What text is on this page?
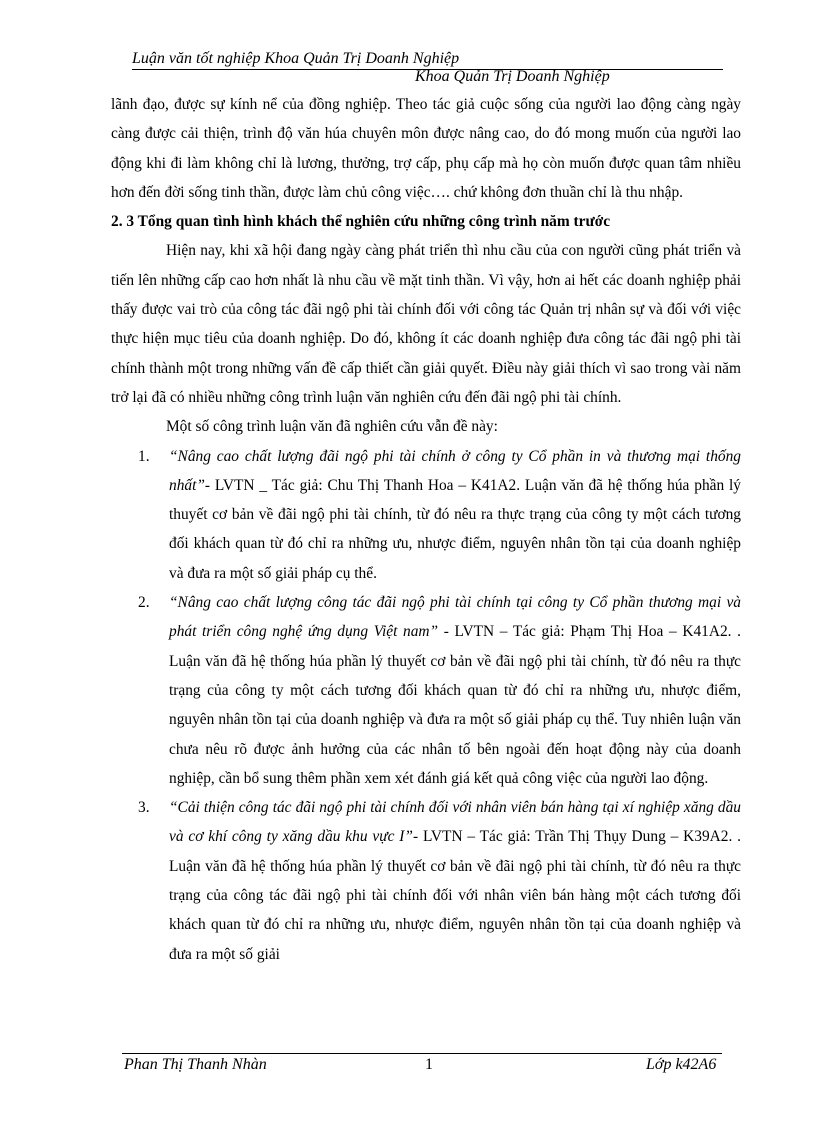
Luận văn tốt nghiệp Khoa Quản Trị Doanh Nghiệp
Khoa Quản Trị Doanh Nghiệp

lãnh đạo, được sự kính nể của đồng nghiệp. Theo tác giả cuộc sống của người lao động càng ngày càng được cải thiện, trình độ văn húa chuyên môn được nâng cao, do đó mong muốn của người lao động khi đi làm không chỉ là lương, thưởng, trợ cấp, phụ cấp mà họ còn muốn được quan tâm nhiều hơn đến đời sống tinh thần, được làm chủ công việc…. chứ không đơn thuần chỉ là thu nhập.

2. 3 Tổng quan tình hình khách thể nghiên cứu những công trình năm trước

Hiện nay, khi xã hội đang ngày càng phát triển thì nhu cầu của con người cũng phát triển và tiến lên những cấp cao hơn nhất là nhu cầu về mặt tinh thần. Vì vậy, hơn ai hết các doanh nghiệp phải thấy được vai trò của công tác đãi ngộ phi tài chính đối với công tác Quản trị nhân sự và đối với việc thực hiện mục tiêu của doanh nghiệp. Do đó, không ít các doanh nghiệp đưa công tác đãi ngộ phi tài chính thành một trong những vấn đề cấp thiết cần giải quyết. Điều này giải thích vì sao trong vài năm trở lại đã có nhiều những công trình luận văn nghiên cứu đến đãi ngộ phi tài chính.

Một số công trình luận văn đã nghiên cứu vẫn đề này:

1. “Nâng cao chất lượng đãi ngộ phi tài chính ở công ty Cổ phần in và thương mại thống nhất”- LVTN _ Tác giả: Chu Thị Thanh Hoa – K41A2. Luận văn đã hệ thống húa phần lý thuyết cơ bản về đãi ngộ phi tài chính, từ đó nêu ra thực trạng của công ty một cách tương đối khách quan từ đó chỉ ra những ưu, nhược điểm, nguyên nhân tồn tại của doanh nghiệp và đưa ra một số giải pháp cụ thể.
2. “Nâng cao chất lượng công tác đãi ngộ phi tài chính tại công ty Cổ phần thương mại và phát triển công nghệ ứng dụng Việt nam” - LVTN – Tác giả: Phạm Thị Hoa – K41A2. . Luận văn đã hệ thống húa phần lý thuyết cơ bản về đãi ngộ phi tài chính, từ đó nêu ra thực trạng của công ty một cách tương đối khách quan từ đó chỉ ra những ưu, nhược điểm, nguyên nhân tồn tại của doanh nghiệp và đưa ra một số giải pháp cụ thể. Tuy nhiên luận văn chưa nêu rõ được ảnh hưởng của các nhân tố bên ngoài đến hoạt động này của doanh nghiệp, cần bổ sung thêm phần xem xét đánh giá kết quả công việc của người lao động.
3. “Cải thiện công tác đãi ngộ phi tài chính đối với nhân viên bán hàng tại xí nghiệp xăng dầu và cơ khí công ty xăng dầu khu vực I”- LVTN – Tác giả: Trần Thị Thụy Dung – K39A2. . Luận văn đã hệ thống húa phần lý thuyết cơ bản về đãi ngộ phi tài chính, từ đó nêu ra thực trạng của công tác đãi ngộ phi tài chính đối với nhân viên bán hàng một cách tương đối khách quan từ đó chỉ ra những ưu, nhược điểm, nguyên nhân tồn tại của doanh nghiệp và đưa ra một số giải
Phan Thị Thanh Nhàn	1	Lớp k42A6
